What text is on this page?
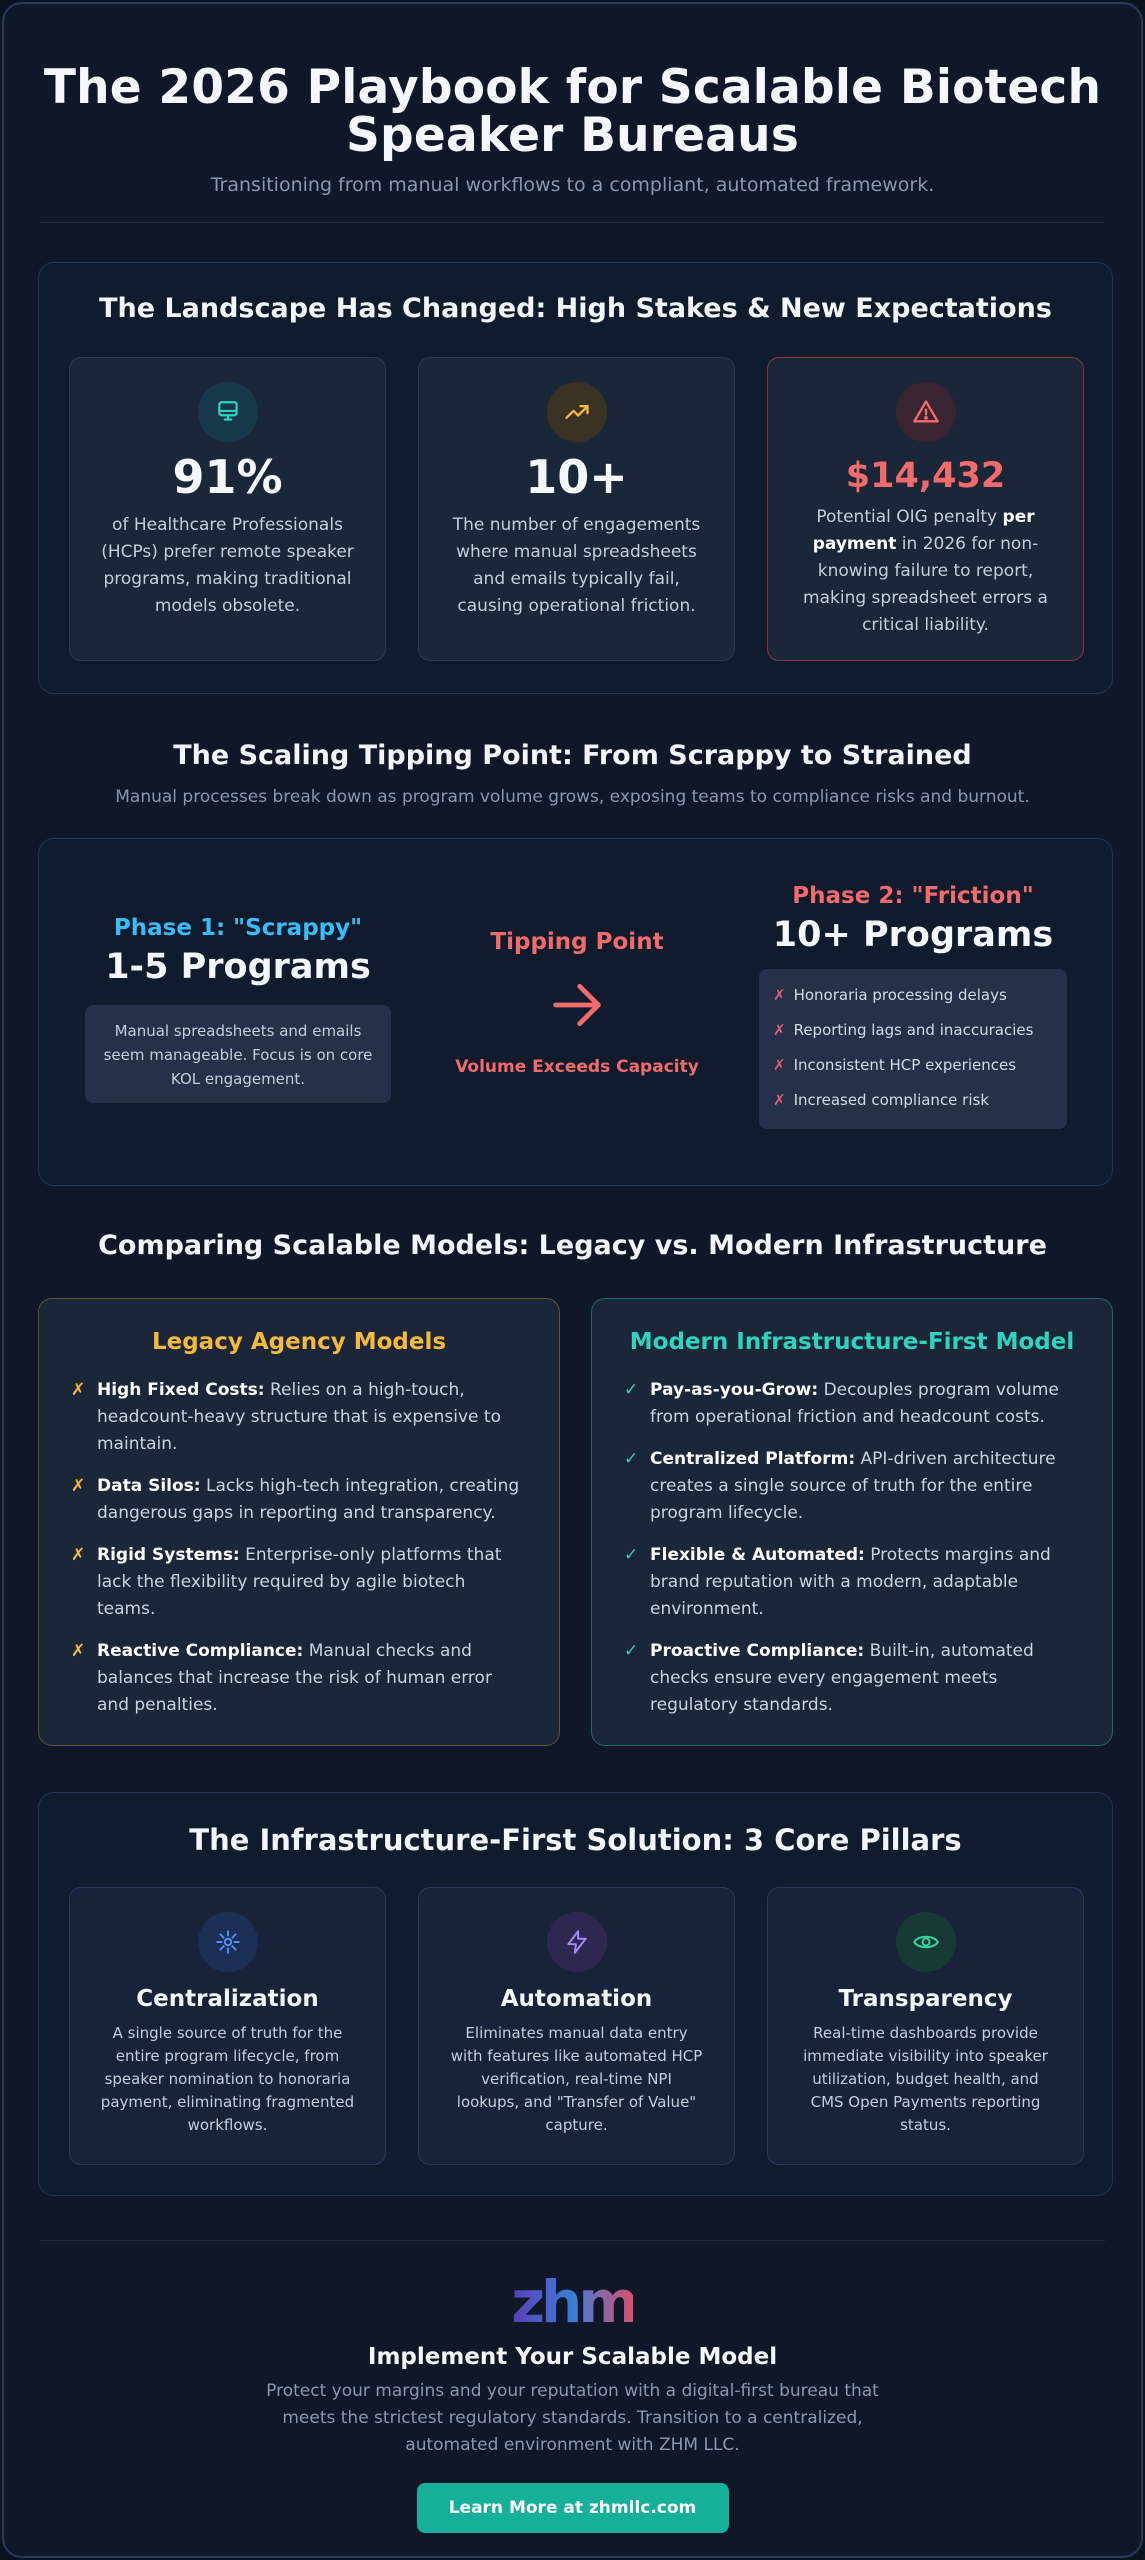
The 2026 Playbook for Scalable Biotech
Speaker Bureaus
Transitioning from manual workflows to a compliant, automated framework.
The Landscape Has Changed: High Stakes & New Expectations
91%
of Healthcare Professionals (HCPs) prefer remote speaker programs, making traditional models obsolete.
10+
The number of engagements where manual spreadsheets and emails typically fail, causing operational friction.
$14,432
Potential OIG penalty per payment in 2026 for non-knowing failure to report, making spreadsheet errors a critical liability.
The Scaling Tipping Point: From Scrappy to Strained
Manual processes break down as program volume grows, exposing teams to compliance risks and burnout.
Phase 1: "Scrappy"
1-5 Programs
Manual spreadsheets and emails seem manageable. Focus is on core KOL engagement.
Tipping Point
Volume Exceeds Capacity
Phase 2: "Friction"
10+ Programs
✗ Honoraria processing delays
✗ Reporting lags and inaccuracies
✗ Inconsistent HCP experiences
✗ Increased compliance risk
Comparing Scalable Models: Legacy vs. Modern Infrastructure
Legacy Agency Models
✗ High Fixed Costs: Relies on a high-touch, headcount-heavy structure that is expensive to maintain.
✗ Data Silos: Lacks high-tech integration, creating dangerous gaps in reporting and transparency.
✗ Rigid Systems: Enterprise-only platforms that lack the flexibility required by agile biotech teams.
✗ Reactive Compliance: Manual checks and balances that increase the risk of human error and penalties.
Modern Infrastructure-First Model
✓ Pay-as-you-Grow: Decouples program volume from operational friction and headcount costs.
✓ Centralized Platform: API-driven architecture creates a single source of truth for the entire program lifecycle.
✓ Flexible & Automated: Protects margins and brand reputation with a modern, adaptable environment.
✓ Proactive Compliance: Built-in, automated checks ensure every engagement meets regulatory standards.
The Infrastructure-First Solution: 3 Core Pillars
Centralization
A single source of truth for the entire program lifecycle, from speaker nomination to honoraria payment, eliminating fragmented workflows.
Automation
Eliminates manual data entry with features like automated HCP verification, real-time NPI lookups, and "Transfer of Value" capture.
Transparency
Real-time dashboards provide immediate visibility into speaker utilization, budget health, and CMS Open Payments reporting status.
zhm
Implement Your Scalable Model

Protect your margins and your reputation with a digital-first bureau that meets the strictest regulatory standards. Transition to a centralized, automated environment with ZHM LLC.

Learn More at zhmllc.com
